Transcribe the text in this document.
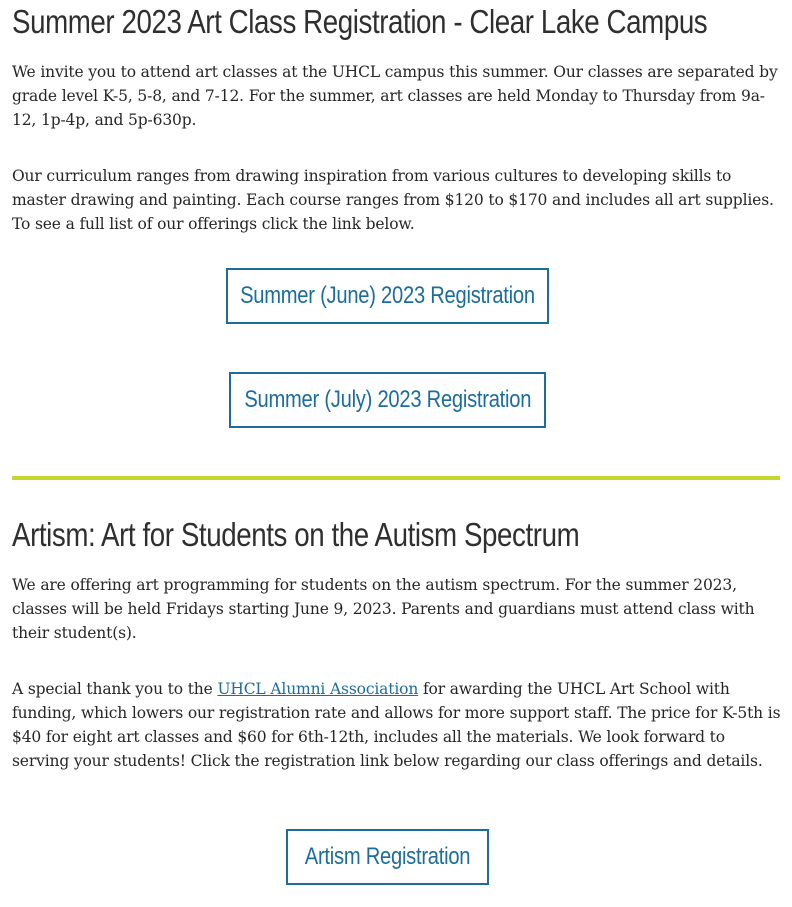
Summer 2023 Art Class Registration - Clear Lake Campus

We invite you to attend art classes at the UHCL campus this summer. Our classes are separated by grade level K-5, 5-8, and 7-12. For the summer, art classes are held Monday to Thursday from 9a-12, 1p-4p, and 5p-630p.

Our curriculum ranges from drawing inspiration from various cultures to developing skills to master drawing and painting. Each course ranges from $120 to $170 and includes all art supplies. To see a full list of our offerings click the link below.

Summer (June) 2023 Registration
Summer (July) 2023 Registration
Artism: Art for Students on the Autism Spectrum

We are offering art programming for students on the autism spectrum. For the summer 2023, classes will be held Fridays starting June 9, 2023. Parents and guardians must attend class with their student(s).

A special thank you to the UHCL Alumni Association for awarding the UHCL Art School with funding, which lowers our registration rate and allows for more support staff. The price for K-5th is $40 for eight art classes and $60 for 6th-12th, includes all the materials. We look forward to serving your students! Click the registration link below regarding our class offerings and details.

Artism Registration
